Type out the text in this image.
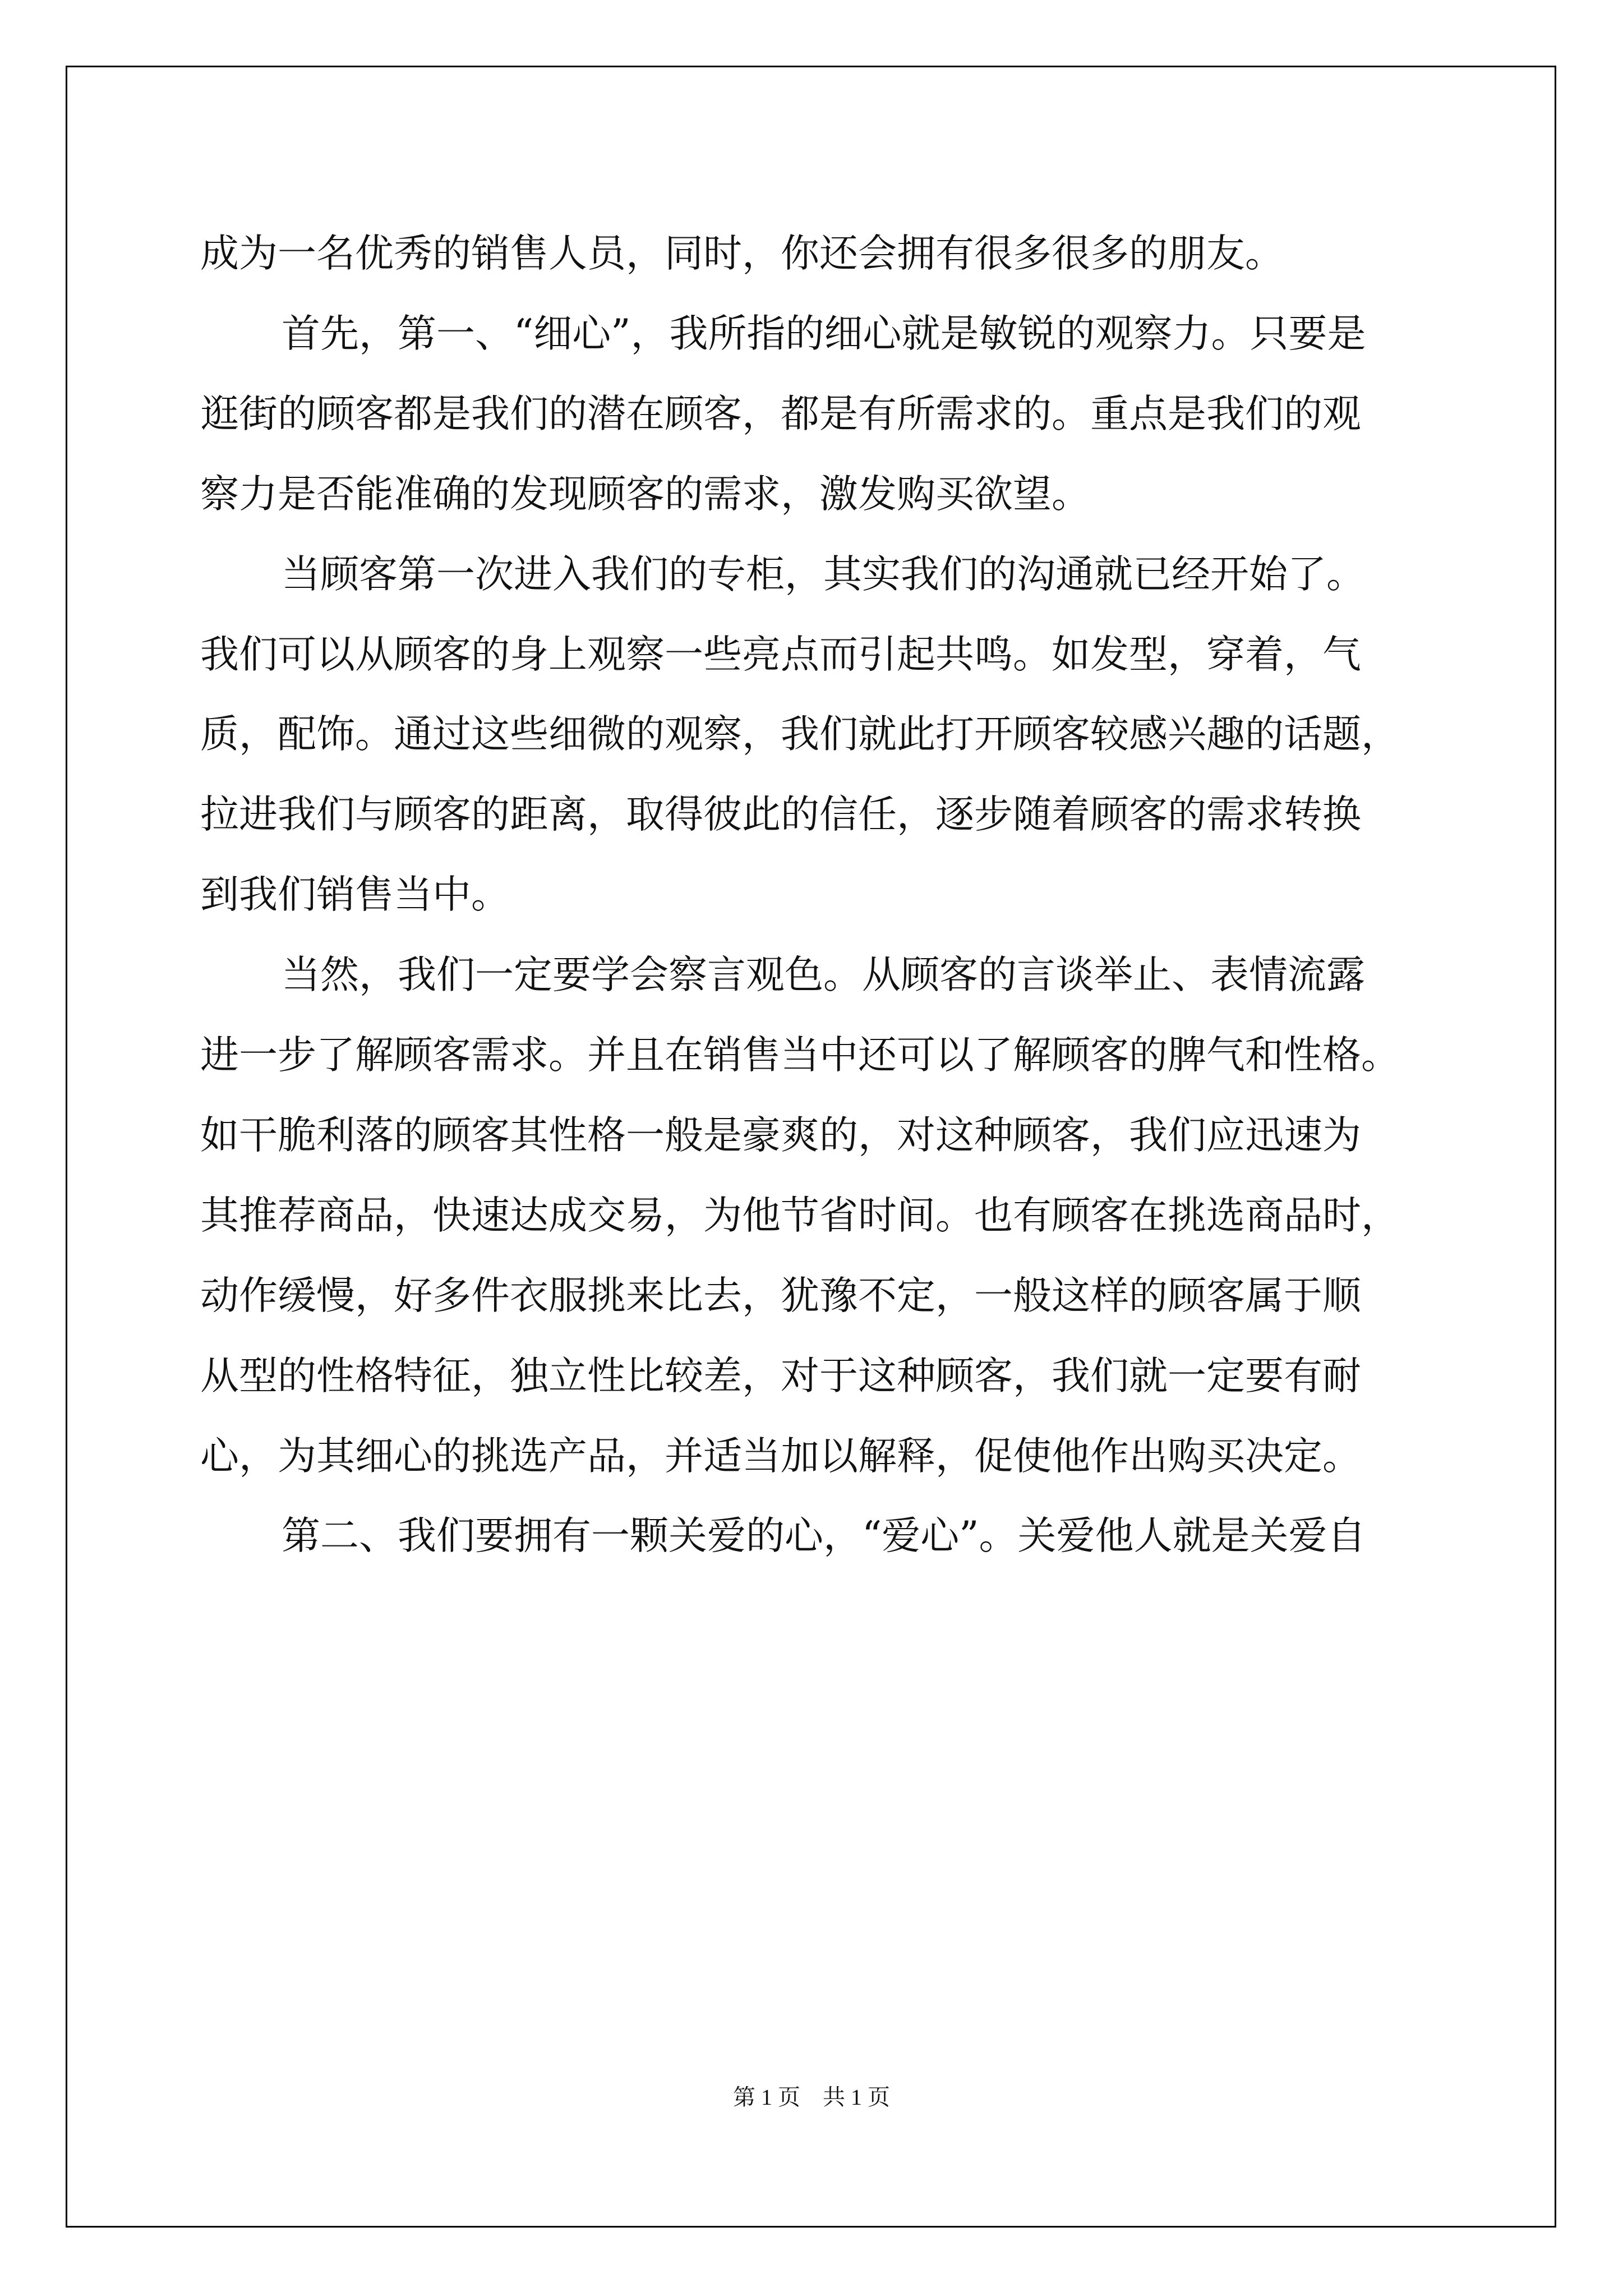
成为一名优秀的销售人员，同时，你还会拥有很多很多的朋友。
首先，第一、“细心”，我所指的细心就是敏锐的观察力。只要是
逛街的顾客都是我们的潜在顾客，都是有所需求的。重点是我们的观
察力是否能准确的发现顾客的需求，激发购买欲望。
当顾客第一次进入我们的专柜，其实我们的沟通就已经开始了。
我们可以从顾客的身上观察一些亮点而引起共鸣。如发型，穿着，气
质，配饰。通过这些细微的观察，我们就此打开顾客较感兴趣的话题，
拉进我们与顾客的距离，取得彼此的信任，逐步随着顾客的需求转换
到我们销售当中。
当然，我们一定要学会察言观色。从顾客的言谈举止、表情流露
进一步了解顾客需求。并且在销售当中还可以了解顾客的脾气和性格。
如干脆利落的顾客其性格一般是豪爽的，对这种顾客，我们应迅速为
其推荐商品，快速达成交易，为他节省时间。也有顾客在挑选商品时，
动作缓慢，好多件衣服挑来比去，犹豫不定，一般这样的顾客属于顺
从型的性格特征，独立性比较差，对于这种顾客，我们就一定要有耐
心，为其细心的挑选产品，并适当加以解释，促使他作出购买决定。
第二、我们要拥有一颗关爱的心，“爱心”。关爱他人就是关爱自
第 1 页　共 1 页
